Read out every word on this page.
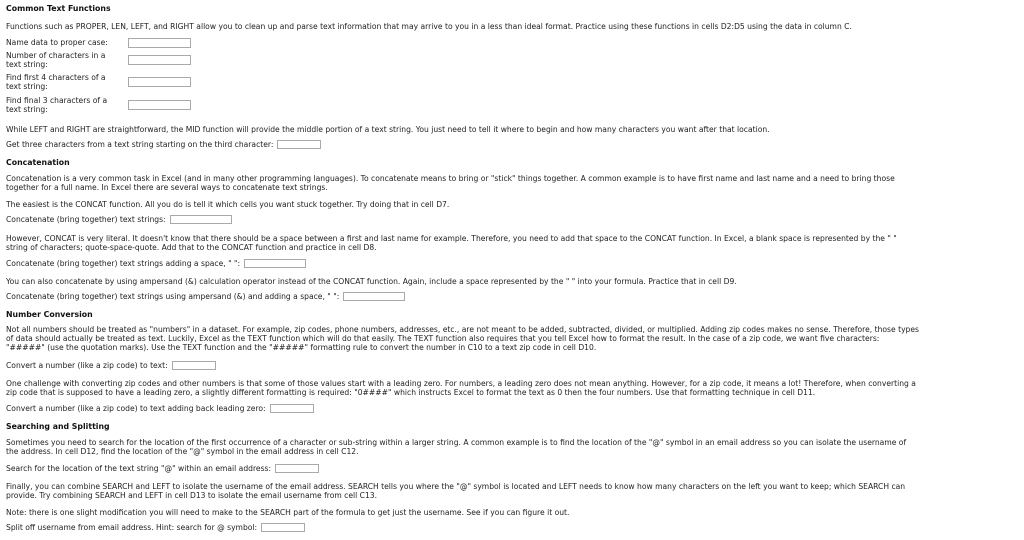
Common Text Functions
Functions such as PROPER, LEN, LEFT, and RIGHT allow you to clean up and parse text information that may arrive to you in a less than ideal format. Practice using these functions in cells D2:D5 using the data in column C.
Name data to proper case:
Number of characters in a
text string:
Find first 4 characters of a
text string:
Find final 3 characters of a
text string:
While LEFT and RIGHT are straightforward, the MID function will provide the middle portion of a text string. You just need to tell it where to begin and how many characters you want after that location.
Get three characters from a text string starting on the third character:
Concatenation
Concatenation is a very common task in Excel (and in many other programming languages). To concatenate means to bring or "stick" things together. A common example is to have first name and last name and a need to bring those
together for a full name. In Excel there are several ways to concatenate text strings.
The easiest is the CONCAT function. All you do is tell it which cells you want stuck together. Try doing that in cell D7.
Concatenate (bring together) text strings:
However, CONCAT is very literal. It doesn't know that there should be a space between a first and last name for example. Therefore, you need to add that space to the CONCAT function. In Excel, a blank space is represented by the " "
string of characters; quote-space-quote. Add that to the CONCAT function and practice in cell D8.
Concatenate (bring together) text strings adding a space, " ":
You can also concatenate by using ampersand (&) calculation operator instead of the CONCAT function. Again, include a space represented by the " " into your formula. Practice that in cell D9.
Concatenate (bring together) text strings using ampersand (&) and adding a space, " ":
Number Conversion
Not all numbers should be treated as "numbers" in a dataset. For example, zip codes, phone numbers, addresses, etc., are not meant to be added, subtracted, divided, or multiplied. Adding zip codes makes no sense. Therefore, those types
of data should actually be treated as text. Luckily, Excel as the TEXT function which will do that easily. The TEXT function also requires that you tell Excel how to format the result. In the case of a zip code, we want five characters:
"#####" (use the quotation marks). Use the TEXT function and the "#####" formatting rule to convert the number in C10 to a text zip code in cell D10.
Convert a number (like a zip code) to text:
One challenge with converting zip codes and other numbers is that some of those values start with a leading zero. For numbers, a leading zero does not mean anything. However, for a zip code, it means a lot! Therefore, when converting a
zip code that is supposed to have a leading zero, a slightly different formatting is required: "0####" which instructs Excel to format the text as 0 then the four numbers. Use that formatting technique in cell D11.
Convert a number (like a zip code) to text adding back leading zero:
Searching and Splitting
Sometimes you need to search for the location of the first occurrence of a character or sub-string within a larger string. A common example is to find the location of the "@" symbol in an email address so you can isolate the username of
the address. In cell D12, find the location of the "@" symbol in the email address in cell C12.
Search for the location of the text string "@" within an email address:
Finally, you can combine SEARCH and LEFT to isolate the username of the email address. SEARCH tells you where the "@" symbol is located and LEFT needs to know how many characters on the left you want to keep; which SEARCH can
provide. Try combining SEARCH and LEFT in cell D13 to isolate the email username from cell C13.
Note: there is one slight modification you will need to make to the SEARCH part of the formula to get just the username. See if you can figure it out.
Split off username from email address. Hint: search for @ symbol:
